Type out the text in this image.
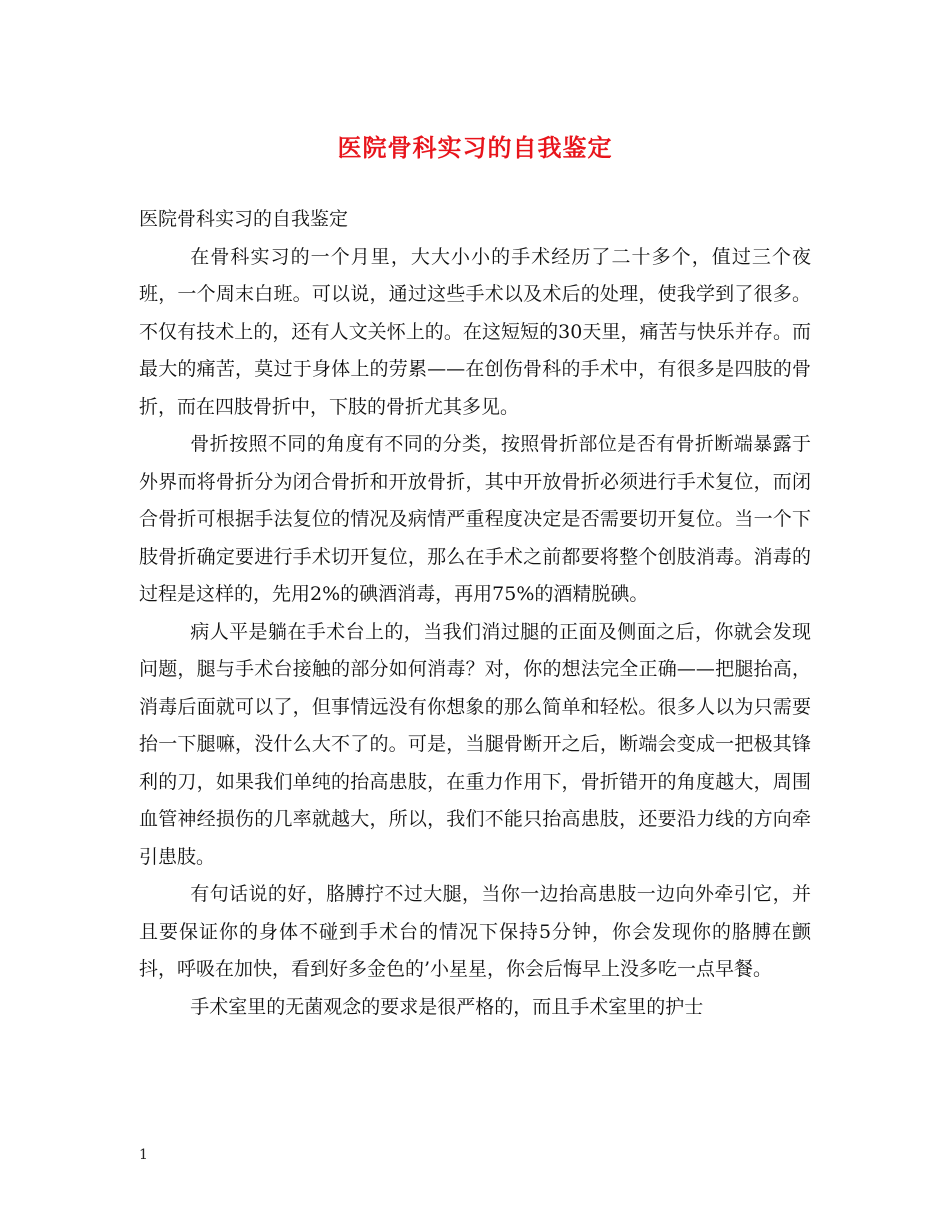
医院骨科实习的自我鉴定

医院骨科实习的自我鉴定

在骨科实习的一个月里，大大小小的手术经历了二十多个，值过三个夜班，一个周末白班。可以说，通过这些手术以及术后的处理，使我学到了很多。不仅有技术上的，还有人文关怀上的。在这短短的30天里，痛苦与快乐并存。而最大的痛苦，莫过于身体上的劳累——在创伤骨科的手术中，有很多是四肢的骨折，而在四肢骨折中，下肢的骨折尤其多见。

骨折按照不同的角度有不同的分类，按照骨折部位是否有骨折断端暴露于外界而将骨折分为闭合骨折和开放骨折，其中开放骨折必须进行手术复位，而闭合骨折可根据手法复位的情况及病情严重程度决定是否需要切开复位。当一个下肢骨折确定要进行手术切开复位，那么在手术之前都要将整个创肢消毒。消毒的过程是这样的，先用2%的碘酒消毒，再用75%的酒精脱碘。

病人平是躺在手术台上的，当我们消过腿的正面及侧面之后，你就会发现问题，腿与手术台接触的部分如何消毒？对，你的想法完全正确——把腿抬高，消毒后面就可以了，但事情远没有你想象的那么简单和轻松。很多人以为只需要抬一下腿嘛，没什么大不了的。可是，当腿骨断开之后，断端会变成一把极其锋利的刀，如果我们单纯的抬高患肢，在重力作用下，骨折错开的角度越大，周围血管神经损伤的几率就越大，所以，我们不能只抬高患肢，还要沿力线的方向牵引患肢。

有句话说的好，胳膊拧不过大腿，当你一边抬高患肢一边向外牵引它，并且要保证你的身体不碰到手术台的情况下保持5分钟，你会发现你的胳膊在颤抖，呼吸在加快，看到好多金色的’小星星，你会后悔早上没多吃一点早餐。

手术室里的无菌观念的要求是很严格的，而且手术室里的护士

1
